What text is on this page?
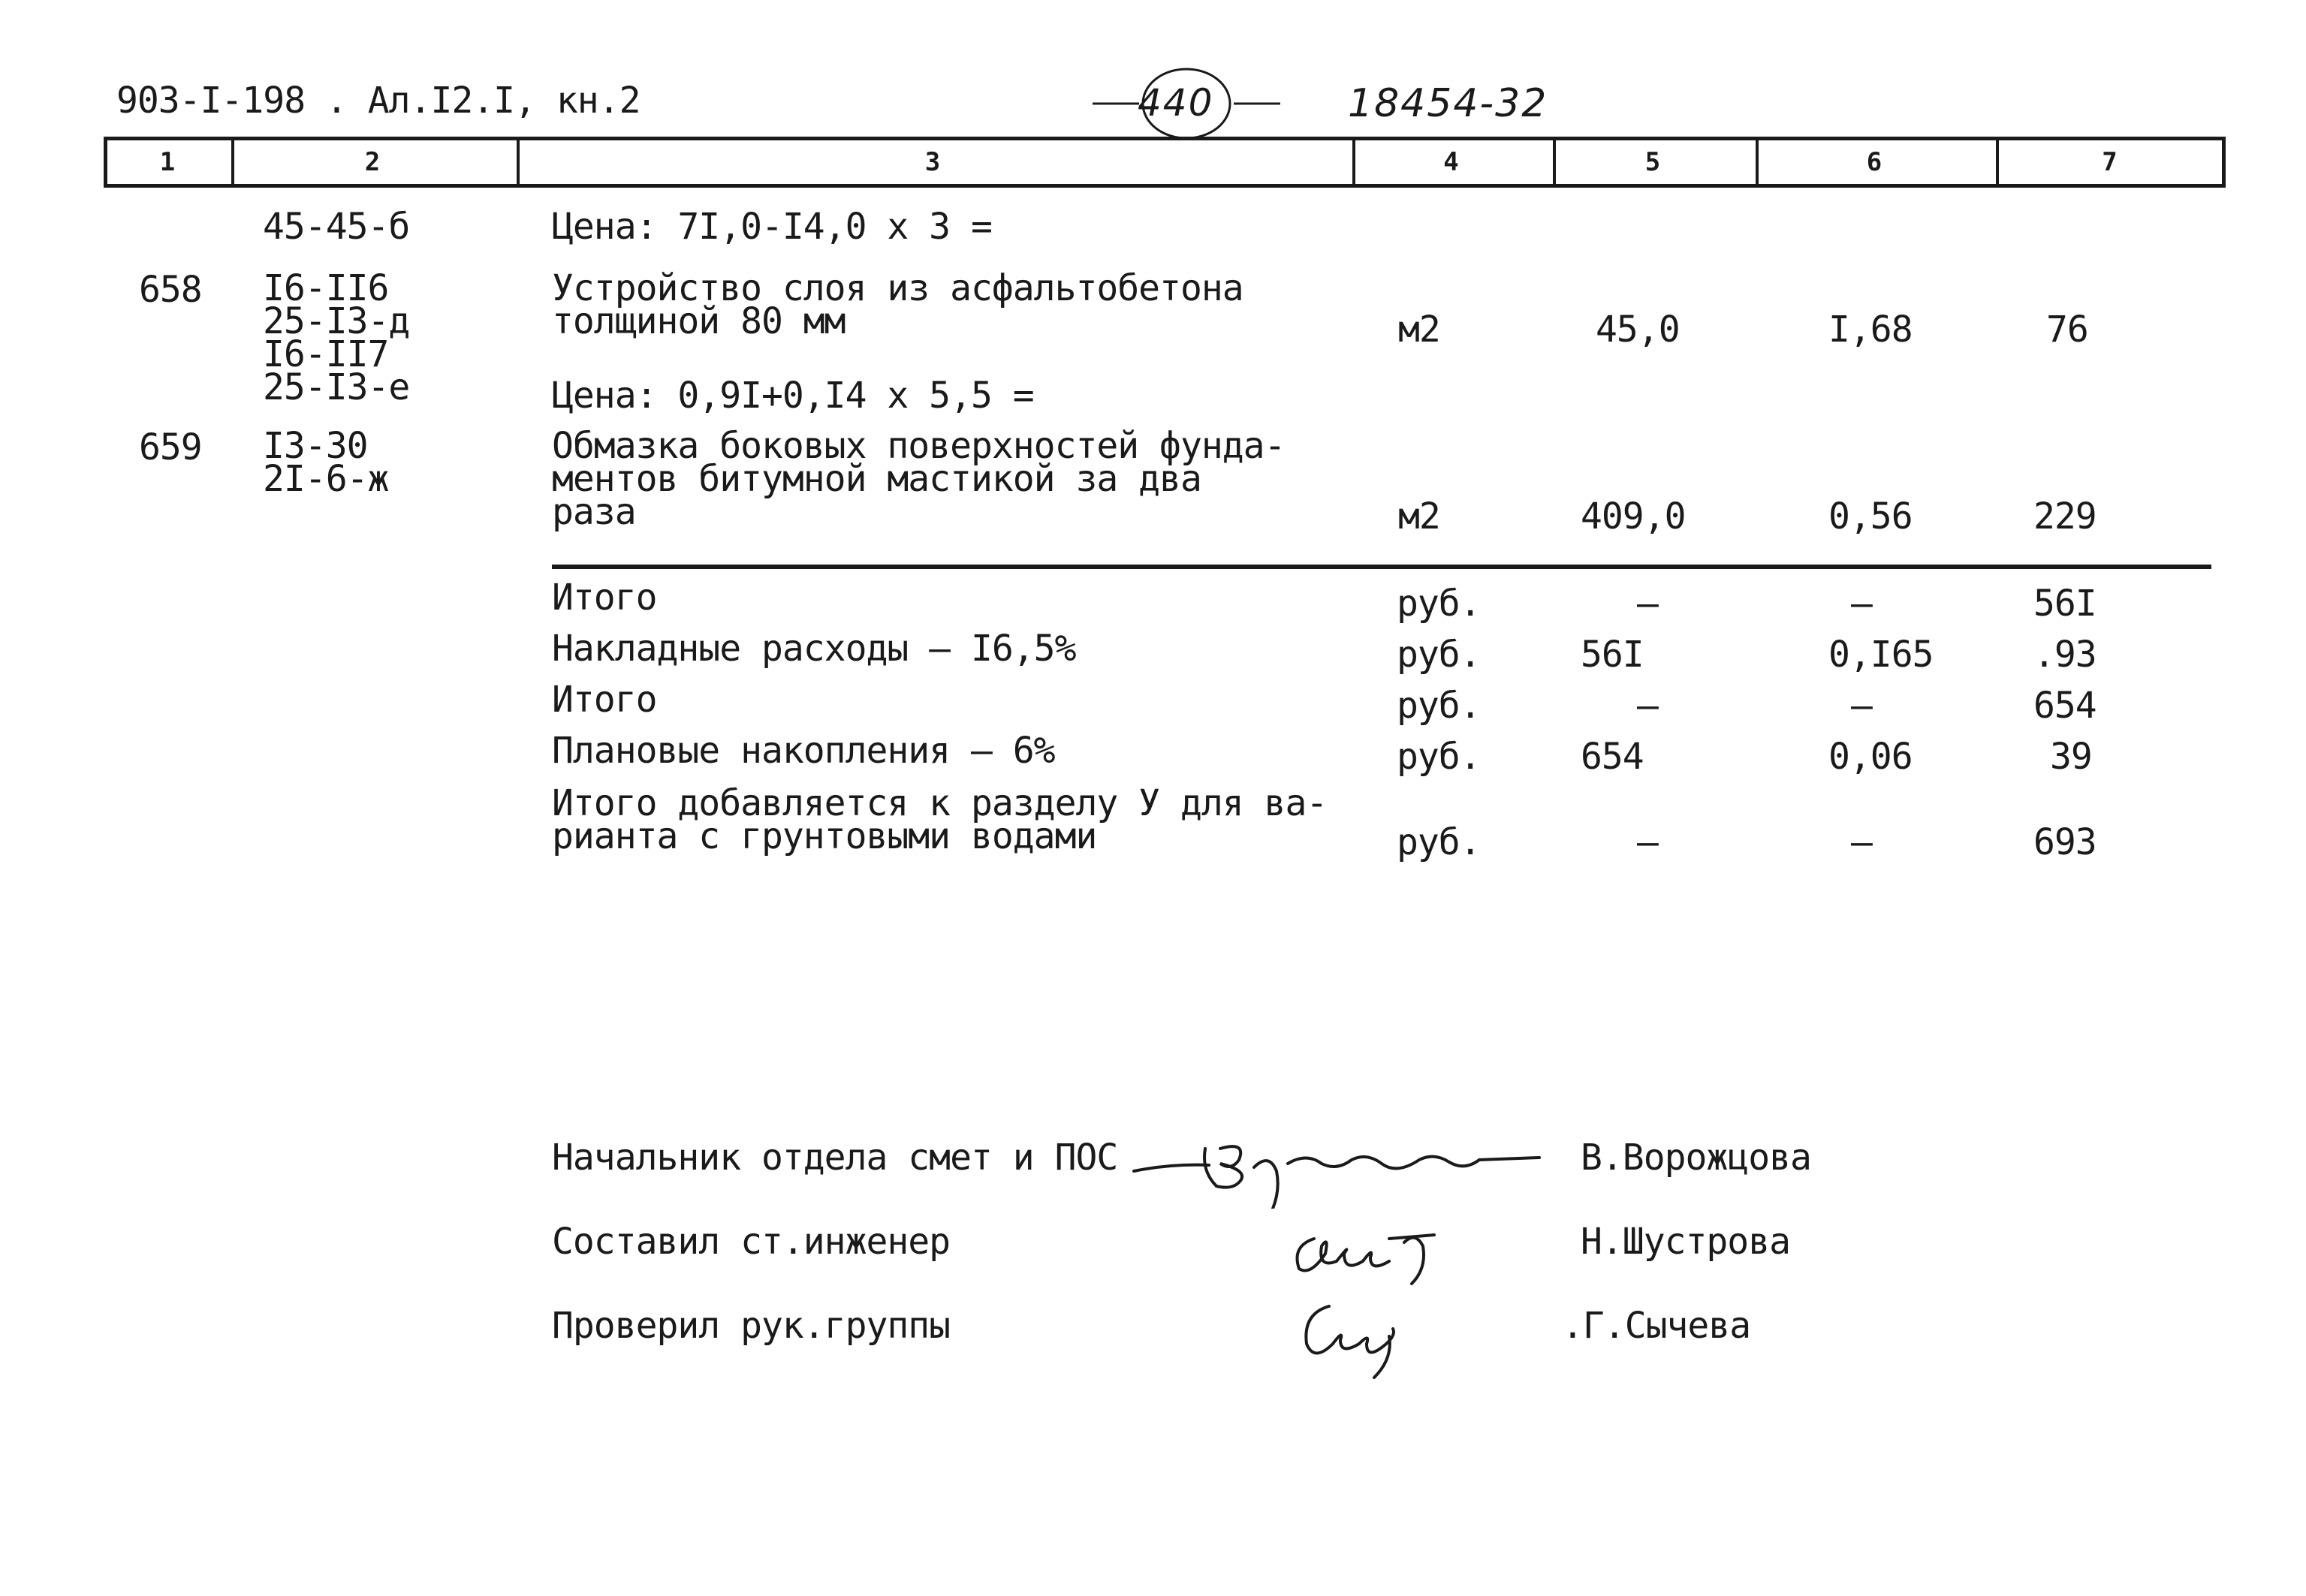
903-I-198 . Ал.I2.I, кн.2	440	18454-32
1	2	3	4	5	6	7
45-45-б	Цена: 7I,0-I4,0 х 3 =
658 I6-II6
25-I3-д
I6-II7
25-I3-е
Устройство слоя из асфальтобетона
толщиной 80 мм	м2	45,0	I,68	76
Цена: 0,9I+0,I4 х 5,5 =
659 I3-30
2I-6-ж
Обмазка боковых поверхностей фунда-
ментов битумной мастикой за два
раза	м2	409,0	0,56	229
Итого	руб.	–	–	56I
Накладные расходы – I6,5%	руб.	56I	0,I65	.93
Итого	руб.	–	–	654
Плановые накопления – 6%	руб.	654	0,06	39
Итого добавляется к разделу У для ва-
рианта с грунтовыми водами	руб.	–	–	693
Начальник отдела смет и ПОС	В.Ворожцова
Составил ст.инженер	Н.Шустрова
Проверил рук.группы	.Г.Сычева
